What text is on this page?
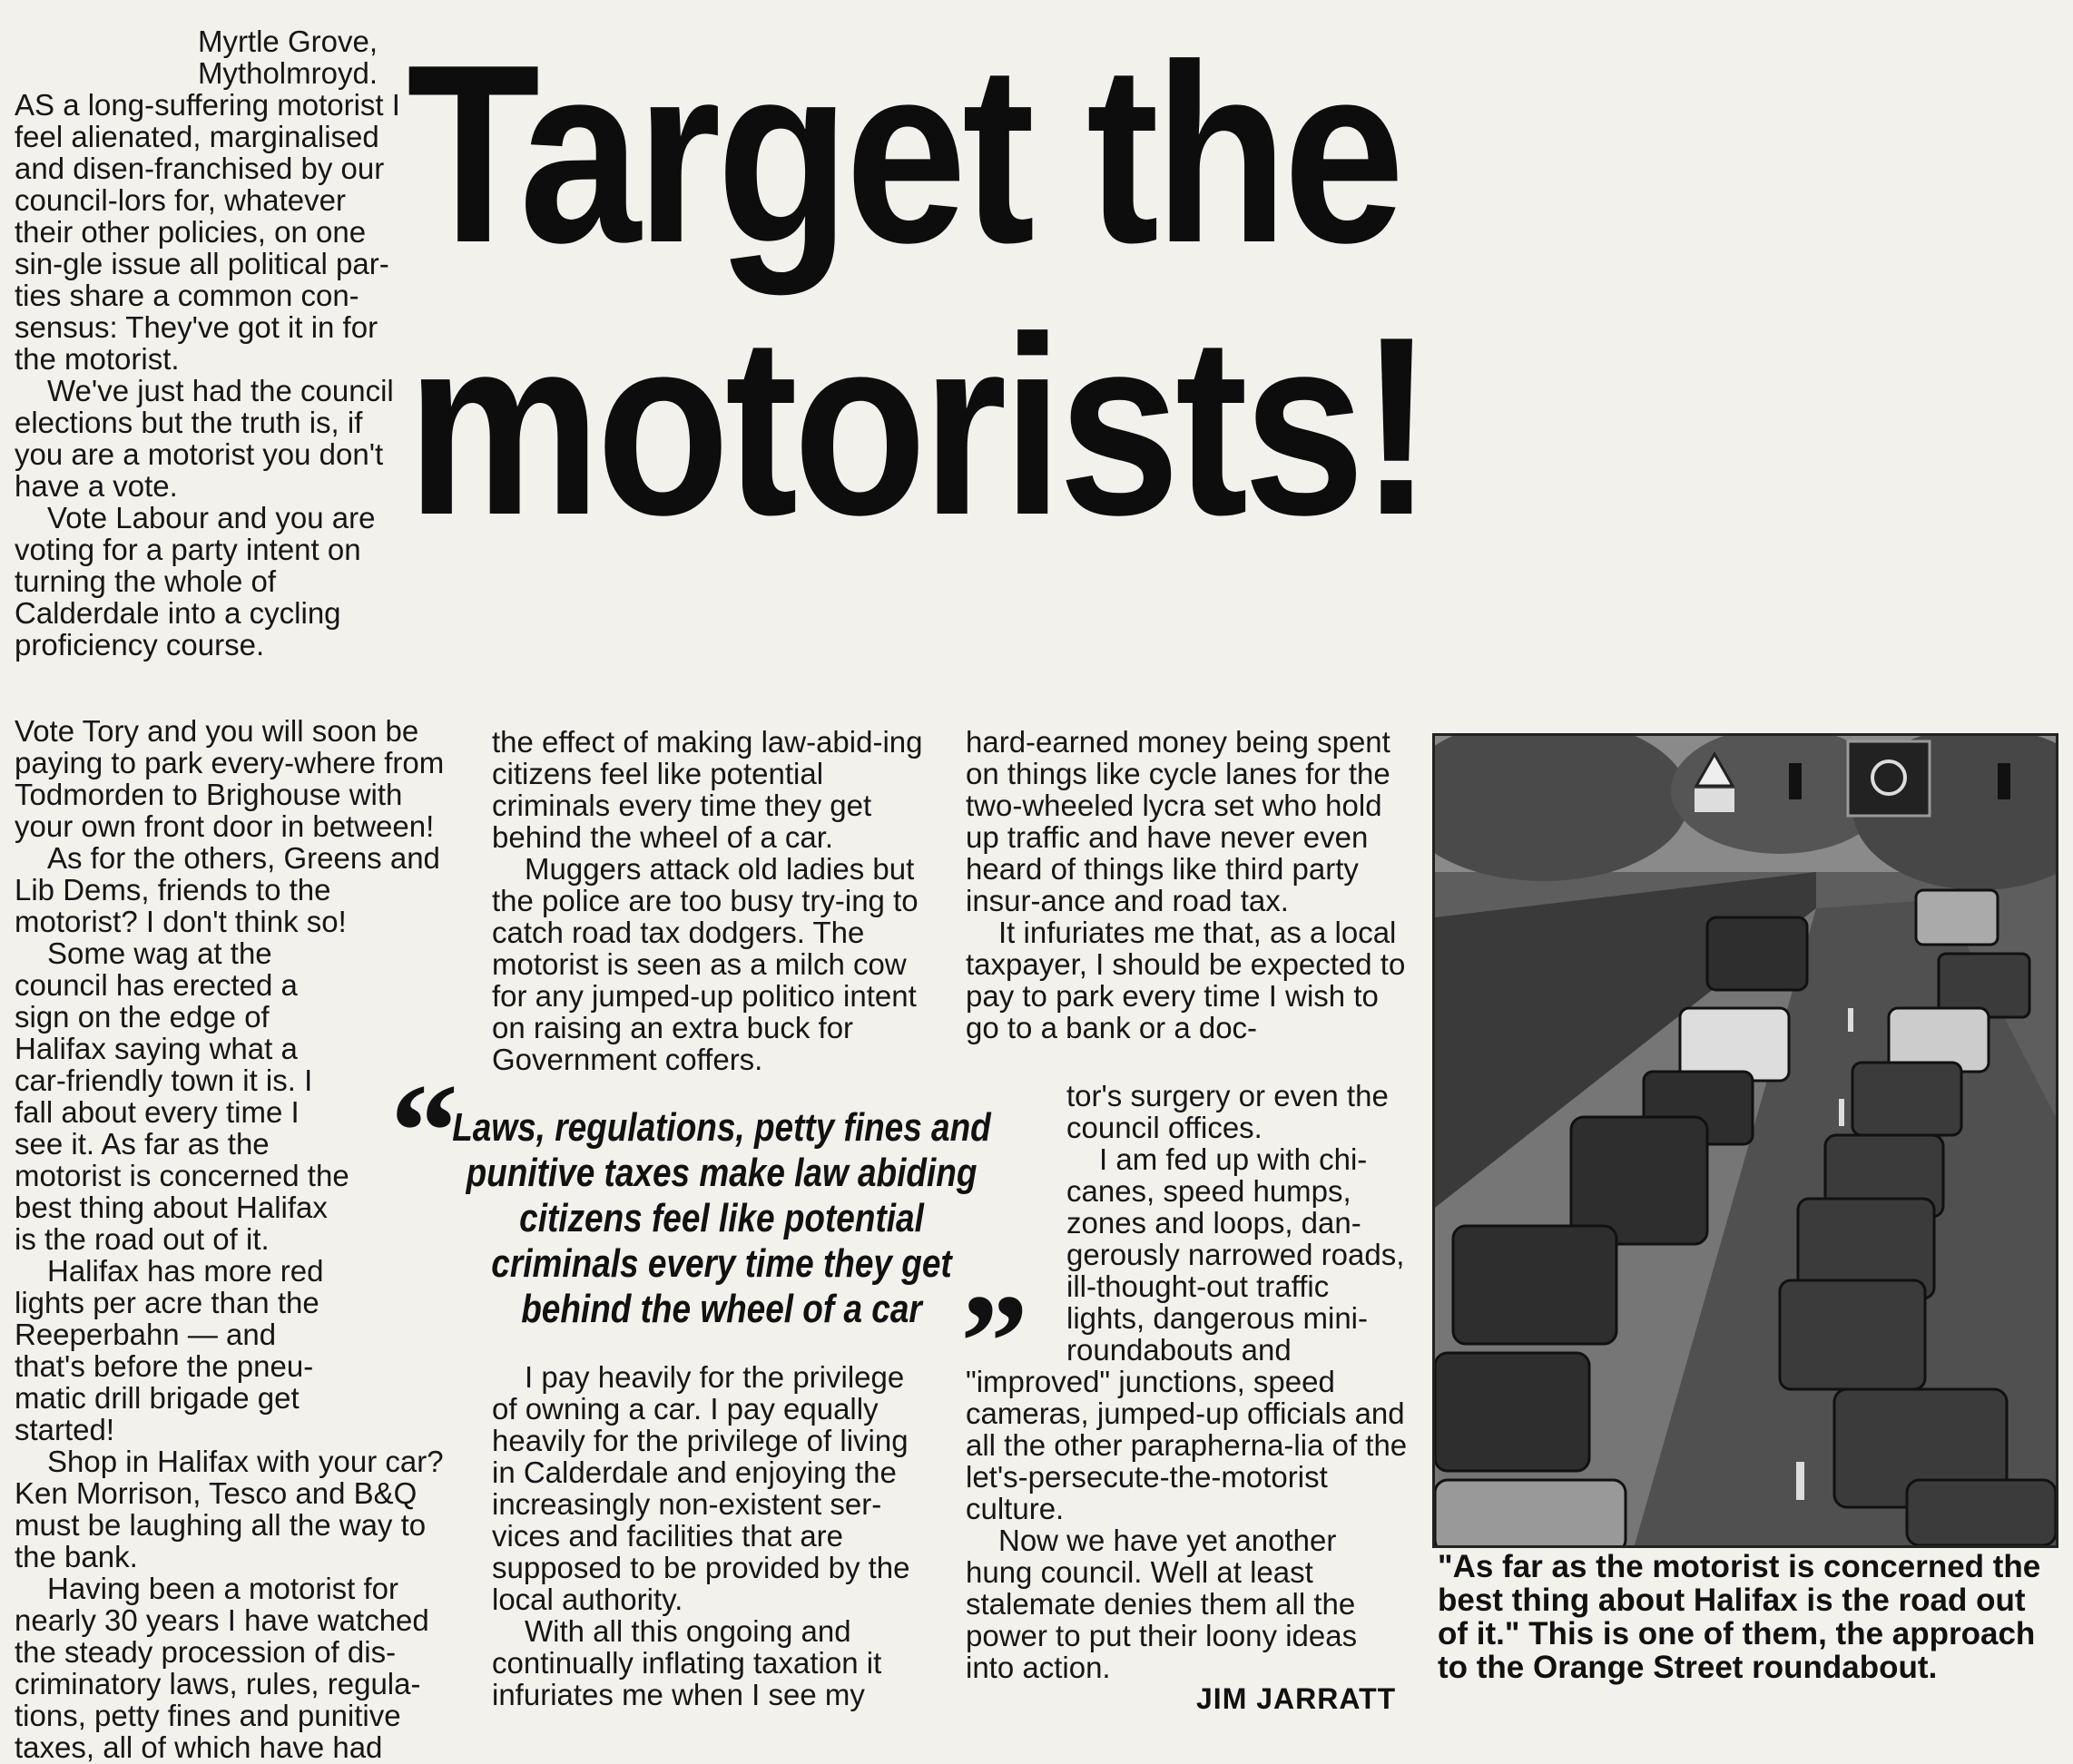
Target the
motorists!

Myrtle Grove,

Mytholmroyd.

AS a long-suffering motorist I feel alienated, marginalised and disen-franchised by our council-lors for, whatever their other policies, on one sin-gle issue all political par-ties share a common con-sensus: They've got it in for the motorist.

We've just had the council elections but the truth is, if you are a motorist you don't have a vote.

Vote Labour and you are voting for a party intent on turning the whole of Calderdale into a cycling proficiency course.

Vote Tory and you will soon be paying to park every-where from Todmorden to Brighouse with your own front door in between!

As for the others, Greens and Lib Dems, friends to the motorist? I don't think so!

Some wag at the council has erected a sign on the edge of Halifax saying what a car-friendly town it is. I fall about every time I see it. As far as the motorist is concerned the best thing about Halifax is the road out of it.

Halifax has more red lights per acre than the Reeperbahn — and that's before the pneu-matic drill brigade get started!

Shop in Halifax with your car? Ken Morrison, Tesco and B&Q must be laughing all the way to the bank.

Having been a motorist for nearly 30 years I have watched the steady procession of dis-criminatory laws, rules, regula-tions, petty fines and punitive taxes, all of which have had

the effect of making law-abid-ing citizens feel like potential criminals every time they get behind the wheel of a car.

Muggers attack old ladies but the police are too busy try-ing to catch road tax dodgers. The motorist is seen as a milch cow for any jumped-up politico intent on raising an extra buck for Government coffers.

I pay heavily for the privilege of owning a car. I pay equally heavily for the privilege of living in Calderdale and enjoying the increasingly non-existent ser-vices and facilities that are supposed to be provided by the local authority.

With all this ongoing and continually inflating taxation it infuriates me when I see my

hard-earned money being spent on things like cycle lanes for the two-wheeled lycra set who hold up traffic and have never even heard of things like third party insur-ance and road tax.

It infuriates me that, as a local taxpayer, I should be expected to pay to park every time I wish to go to a bank or a doc-

tor's surgery or even the council offices.

I am fed up with chi-canes, speed humps, zones and loops, dan-gerously narrowed roads, ill-thought-out traffic lights, dangerous mini-roundabouts and

"improved" junctions, speed cameras, jumped-up officials and all the other parapherna-lia of the let's-persecute-the-motorist culture.

Now we have yet another hung council. Well at least stalemate denies them all the power to put their loony ideas into action.

JIM JARRATT
“
Laws, regulations, petty fines and punitive taxes make law abiding citizens feel like potential criminals every time they get behind the wheel of a car ”
"As far as the motorist is concerned the best thing about Halifax is the road out of it." This is one of them, the approach to the Orange Street roundabout.
